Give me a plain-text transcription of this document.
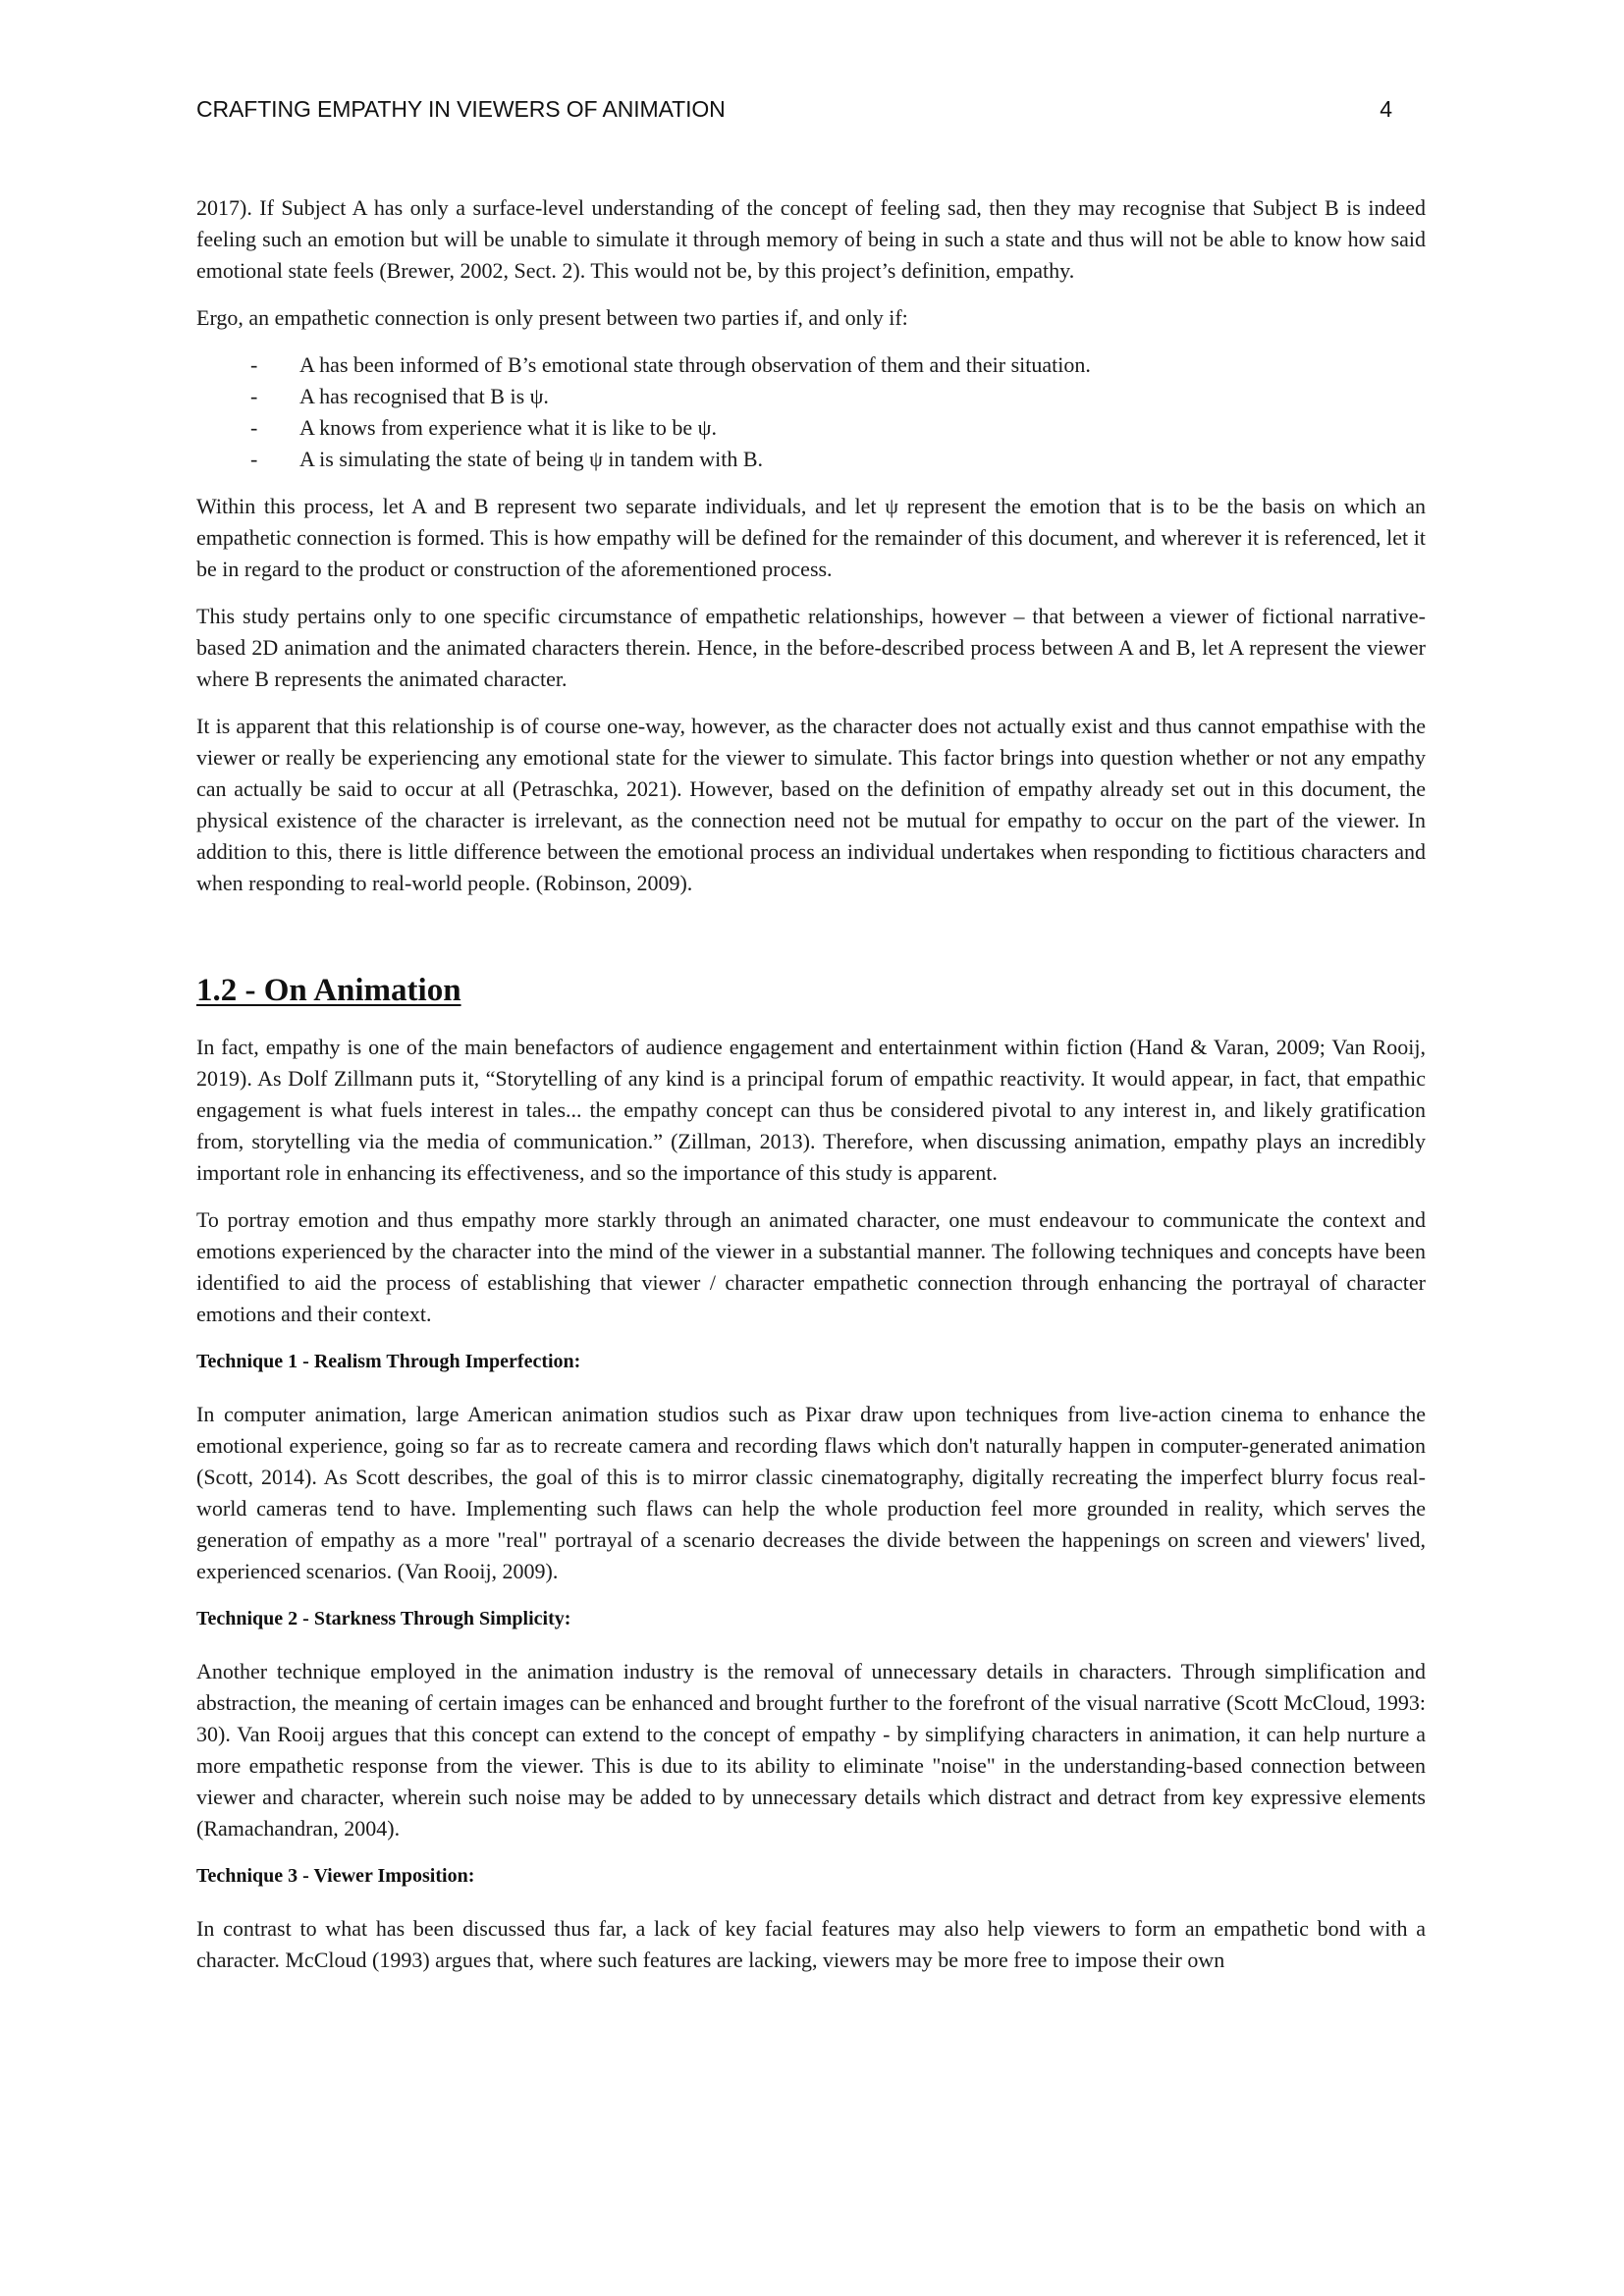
CRAFTING EMPATHY IN VIEWERS OF ANIMATION	4

2017). If Subject A has only a surface-level understanding of the concept of feeling sad, then they may recognise that Subject B is indeed feeling such an emotion but will be unable to simulate it through memory of being in such a state and thus will not be able to know how said emotional state feels (Brewer, 2002, Sect. 2). This would not be, by this project’s definition, empathy.

Ergo, an empathetic connection is only present between two parties if, and only if:

- A has been informed of B’s emotional state through observation of them and their situation.
- A has recognised that B is ψ.
- A knows from experience what it is like to be ψ.
- A is simulating the state of being ψ in tandem with B.

Within this process, let A and B represent two separate individuals, and let ψ represent the emotion that is to be the basis on which an empathetic connection is formed. This is how empathy will be defined for the remainder of this document, and wherever it is referenced, let it be in regard to the product or construction of the aforementioned process.

This study pertains only to one specific circumstance of empathetic relationships, however – that between a viewer of fictional narrative-based 2D animation and the animated characters therein. Hence, in the before-described process between A and B, let A represent the viewer where B represents the animated character.

It is apparent that this relationship is of course one-way, however, as the character does not actually exist and thus cannot empathise with the viewer or really be experiencing any emotional state for the viewer to simulate. This factor brings into question whether or not any empathy can actually be said to occur at all (Petraschka, 2021). However, based on the definition of empathy already set out in this document, the physical existence of the character is irrelevant, as the connection need not be mutual for empathy to occur on the part of the viewer. In addition to this, there is little difference between the emotional process an individual undertakes when responding to fictitious characters and when responding to real-world people. (Robinson, 2009).

1.2 - On Animation

In fact, empathy is one of the main benefactors of audience engagement and entertainment within fiction (Hand & Varan, 2009; Van Rooij, 2019). As Dolf Zillmann puts it, “Storytelling of any kind is a principal forum of empathic reactivity. It would appear, in fact, that empathic engagement is what fuels interest in tales... the empathy concept can thus be considered pivotal to any interest in, and likely gratification from, storytelling via the media of communication.” (Zillman, 2013). Therefore, when discussing animation, empathy plays an incredibly important role in enhancing its effectiveness, and so the importance of this study is apparent.

To portray emotion and thus empathy more starkly through an animated character, one must endeavour to communicate the context and emotions experienced by the character into the mind of the viewer in a substantial manner. The following techniques and concepts have been identified to aid the process of establishing that viewer / character empathetic connection through enhancing the portrayal of character emotions and their context.

Technique 1 - Realism Through Imperfection:

In computer animation, large American animation studios such as Pixar draw upon techniques from live-action cinema to enhance the emotional experience, going so far as to recreate camera and recording flaws which don't naturally happen in computer-generated animation (Scott, 2014). As Scott describes, the goal of this is to mirror classic cinematography, digitally recreating the imperfect blurry focus real-world cameras tend to have. Implementing such flaws can help the whole production feel more grounded in reality, which serves the generation of empathy as a more "real" portrayal of a scenario decreases the divide between the happenings on screen and viewers' lived, experienced scenarios. (Van Rooij, 2009).

Technique 2 - Starkness Through Simplicity:

Another technique employed in the animation industry is the removal of unnecessary details in characters. Through simplification and abstraction, the meaning of certain images can be enhanced and brought further to the forefront of the visual narrative (Scott McCloud, 1993: 30). Van Rooij argues that this concept can extend to the concept of empathy - by simplifying characters in animation, it can help nurture a more empathetic response from the viewer. This is due to its ability to eliminate "noise" in the understanding-based connection between viewer and character, wherein such noise may be added to by unnecessary details which distract and detract from key expressive elements (Ramachandran, 2004).

Technique 3 - Viewer Imposition:

In contrast to what has been discussed thus far, a lack of key facial features may also help viewers to form an empathetic bond with a character. McCloud (1993) argues that, where such features are lacking, viewers may be more free to impose their own
